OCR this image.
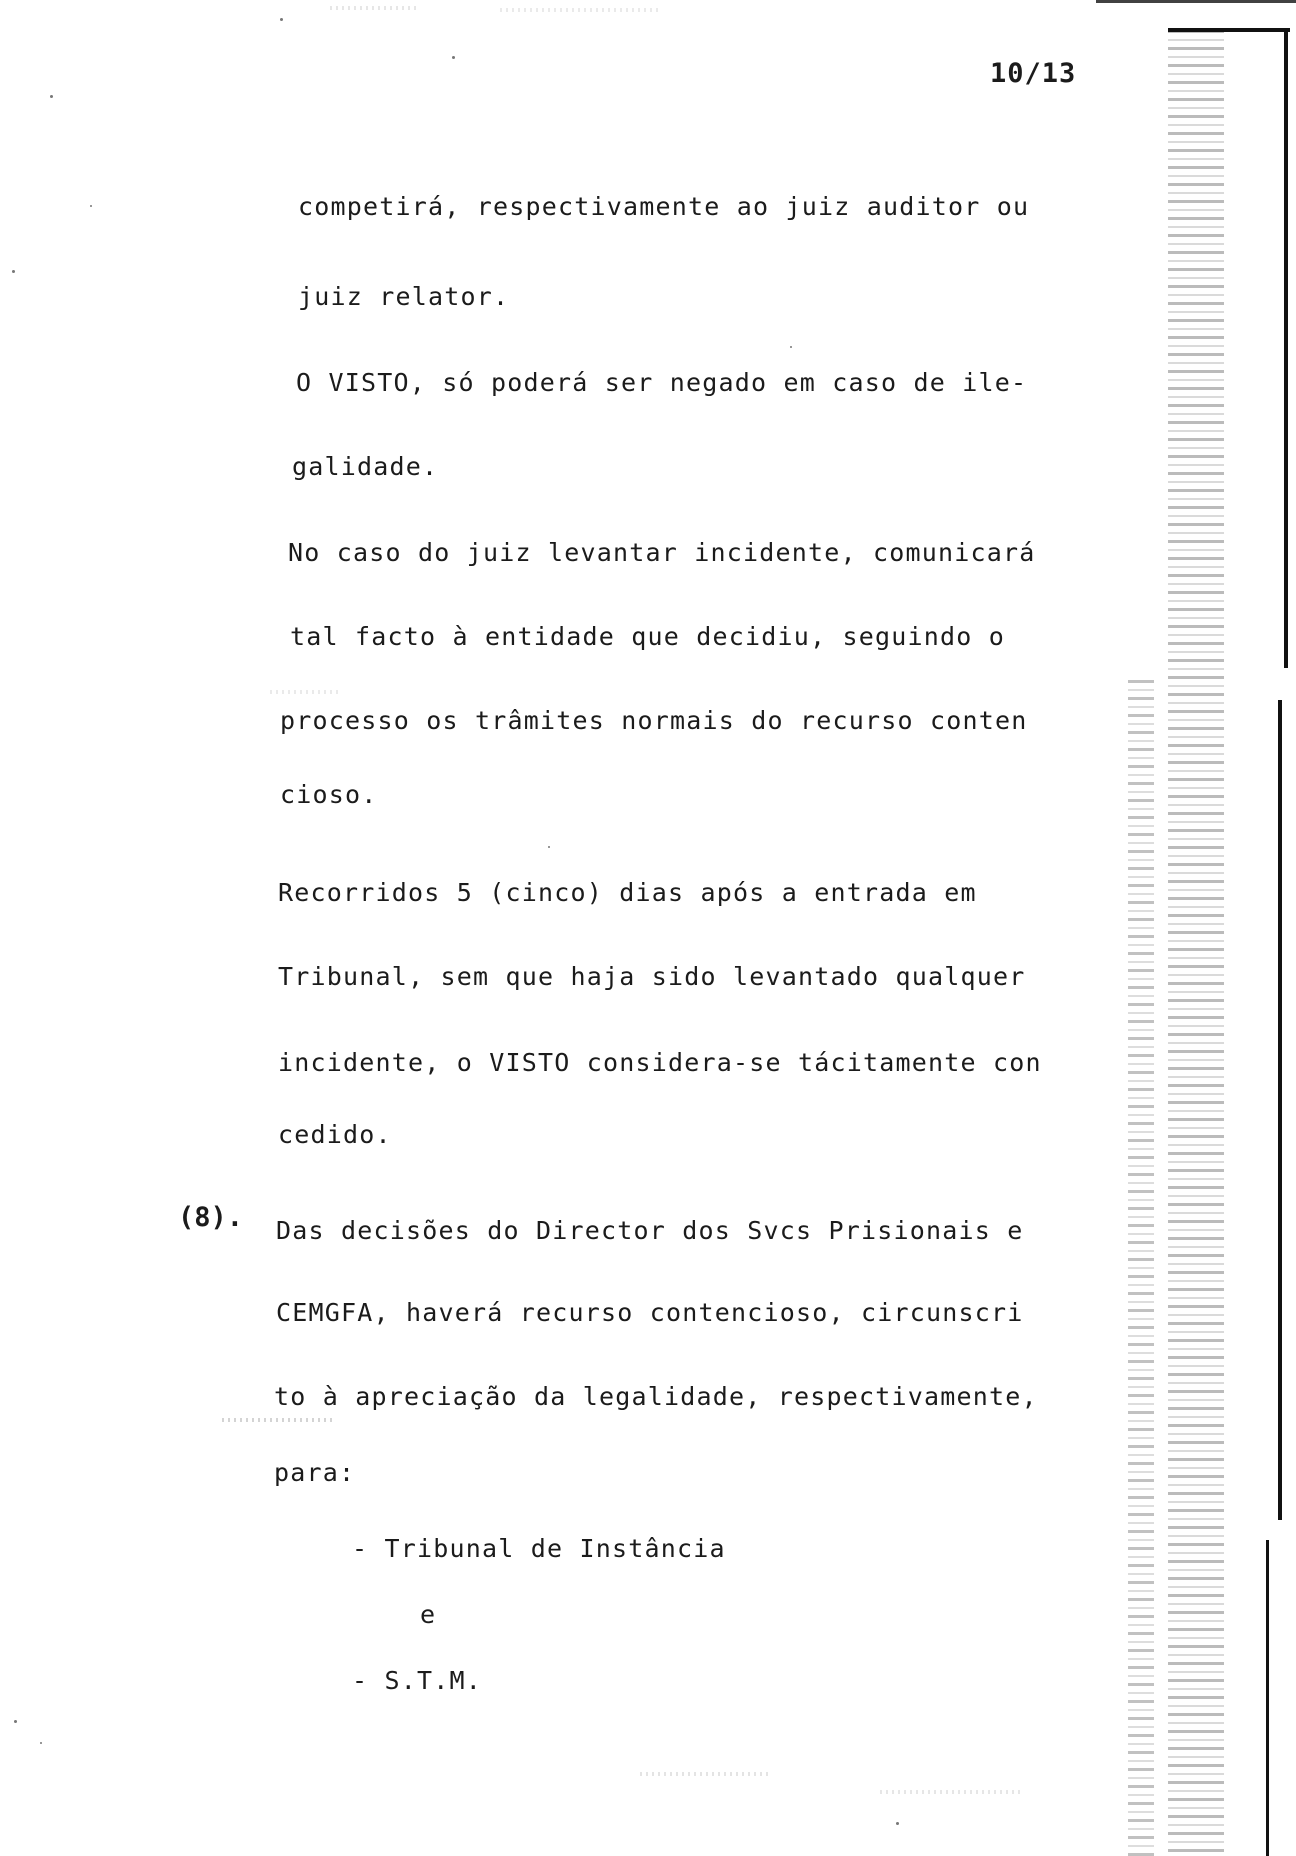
10/13
competirá, respectivamente ao juiz auditor ou
juiz relator.
O VISTO, só poderá ser negado em caso de ile-
galidade.
No caso do juiz levantar incidente, comunicará
tal facto à entidade que decidiu, seguindo o
processo os trâmites normais do recurso conten
cioso.
Recorridos 5 (cinco) dias após a entrada em
Tribunal, sem que haja sido levantado qualquer
incidente, o VISTO considera-se tácitamente con
cedido.
(8). Das decisões do Director dos Svcs Prisionais e
CEMGFA, haverá recurso contencioso, circunscri
to à apreciação da legalidade, respectivamente,
para:
- Tribunal de Instância
e
- S.T.M.
